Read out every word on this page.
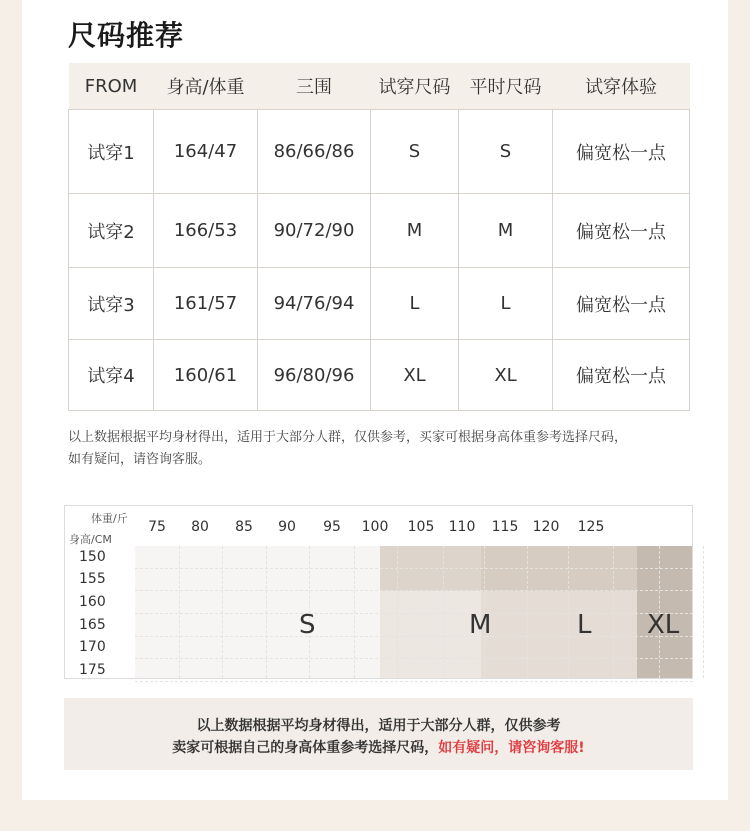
尺码推荐
FROM	身高/体重	三围	试穿尺码	平时尺码	试穿体验
试穿1	164/47	86/66/86	S	S	偏宽松一点
试穿2	166/53	90/72/90	M	M	偏宽松一点
试穿3	161/57	94/76/94	L	L	偏宽松一点
试穿4	160/61	96/80/96	XL	XL	偏宽松一点
以上数据根据平均身材得出，适用于大部分人群，仅供参考，买家可根据身高体重参考选择尺码，
如有疑问，请咨询客服。
75	80	85	90	95	100	105	110	115	120	125
150
155
160
165
170
175
S	M	L XL
体重/斤
身高/CM
以上数据根据平均身材得出，适用于大部分人群，仅供参考
卖家可根据自己的身高体重参考选择尺码，如有疑问，请咨询客服!
